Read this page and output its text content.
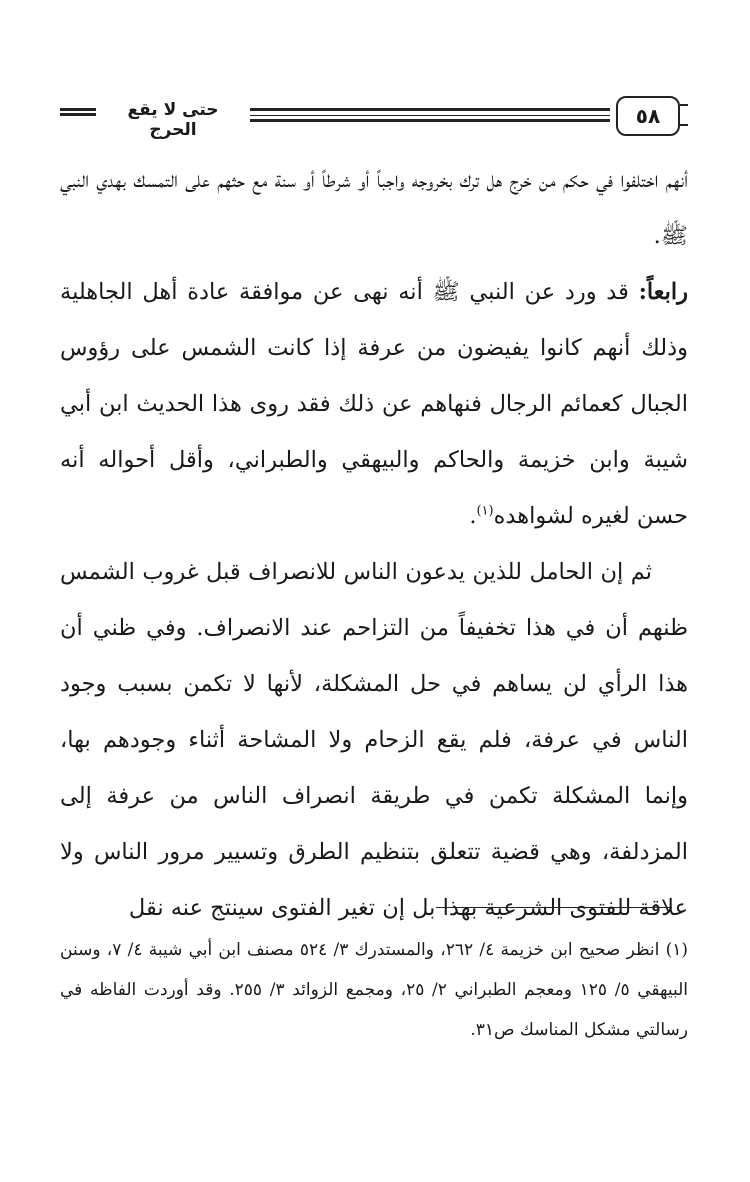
حتى لا يقع الحرج
٥٨

أنهم اختلفوا في حكم من خرج هل ترك بخروجه واجباً أو شرطاً أو سنة مع حثهم على التمسك بهدي النبي ﷺ.

رابعاً: قد ورد عن النبي ﷺ أنه نهى عن موافقة عادة أهل الجاهلية وذلك أنهم كانوا يفيضون من عرفة إذا كانت الشمس على رؤوس الجبال كعمائم الرجال فنهاهم عن ذلك فقد روى هذا الحديث ابن أبي شيبة وابن خزيمة والحاكم والبيهقي والطبراني، وأقل أحواله أنه حسن لغيره لشواهده$^{(١)}$.

ثم إن الحامل للذين يدعون الناس للانصراف قبل غروب الشمس ظنهم أن في هذا تخفيفاً من التزاحم عند الانصراف. وفي ظني أن هذا الرأي لن يساهم في حل المشكلة، لأنها لا تكمن بسبب وجود الناس في عرفة، فلم يقع الزحام ولا المشاحة أثناء وجودهم بها، وإنما المشكلة تكمن في طريقة انصراف الناس من عرفة إلى المزدلفة، وهي قضية تتعلق بتنظيم الطرق وتسيير مرور الناس ولا علاقة للفتوى الشرعية بهذا بل إن تغير الفتوى سينتج عنه نقل

(١) انظر صحيح ابن خزيمة ٤/ ٢٦٢، والمستدرك ٣/ ٥٢٤ مصنف ابن أبي شيبة ٤/ ٧، وسنن البيهقي ٥/ ١٢٥ ومعجم الطبراني ٢/ ٢٥، ومجمع الزوائد ٣/ ٢٥٥. وقد أوردت الفاظه في رسالتي مشكل المناسك ص٣١.
